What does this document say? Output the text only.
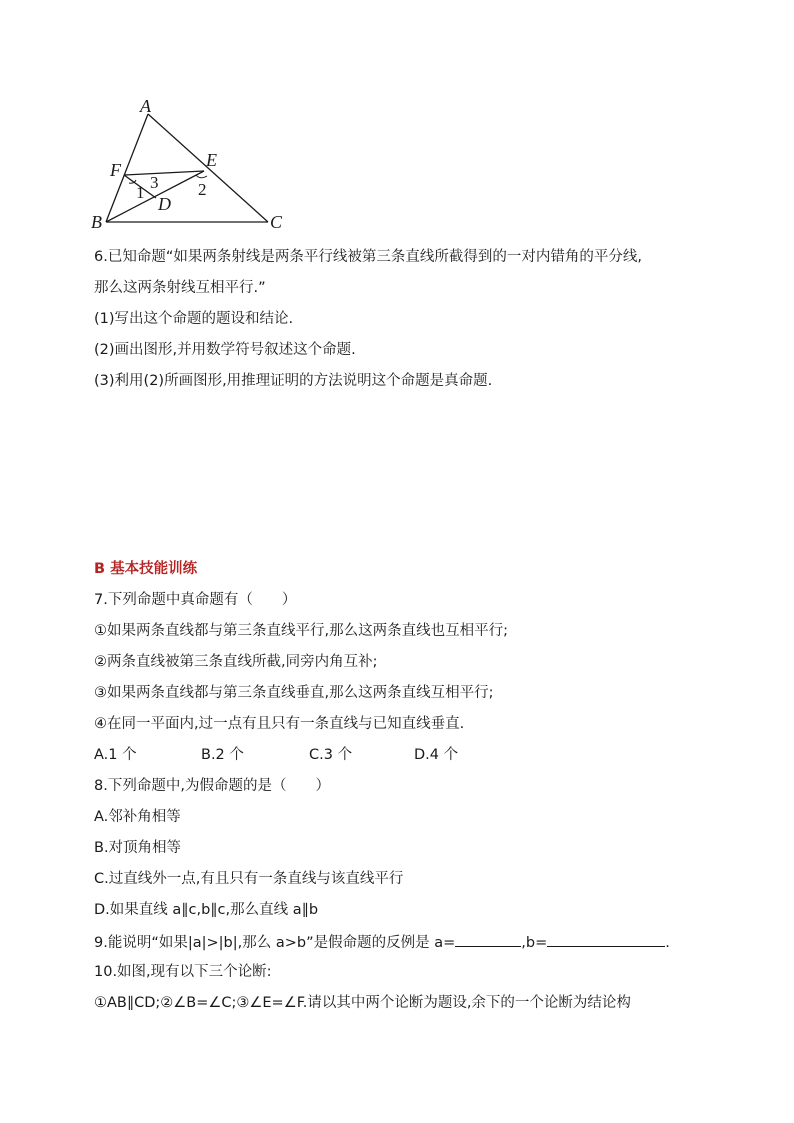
A
F	E
D
B	C
1
3 2
6.已知命题“如果两条射线是两条平行线被第三条直线所截得到的一对内错角的平分线,
那么这两条射线互相平行.”
(1)写出这个命题的题设和结论.
(2)画出图形,并用数学符号叙述这个命题.
(3)利用(2)所画图形,用推理证明的方法说明这个命题是真命题.
B 基本技能训练
7.下列命题中真命题有（　　）
①如果两条直线都与第三条直线平行,那么这两条直线也互相平行;
②两条直线被第三条直线所截,同旁内角互补;
③如果两条直线都与第三条直线垂直,那么这两条直线互相平行;
④在同一平面内,过一点有且只有一条直线与已知直线垂直.
A.1 个	B.2 个	C.3 个	D.4 个
8.下列命题中,为假命题的是（　　）
A.邻补角相等
B.对顶角相等
C.过直线外一点,有且只有一条直线与该直线平行
D.如果直线 a∥c,b∥c,那么直线 a∥b
9.能说明“如果|a|>|b|,那么 a>b”是假命题的反例是 a=	,b=	.
10.如图,现有以下三个论断:
①AB∥CD;②∠B=∠C;③∠E=∠F.请以其中两个论断为题设,余下的一个论断为结论构
